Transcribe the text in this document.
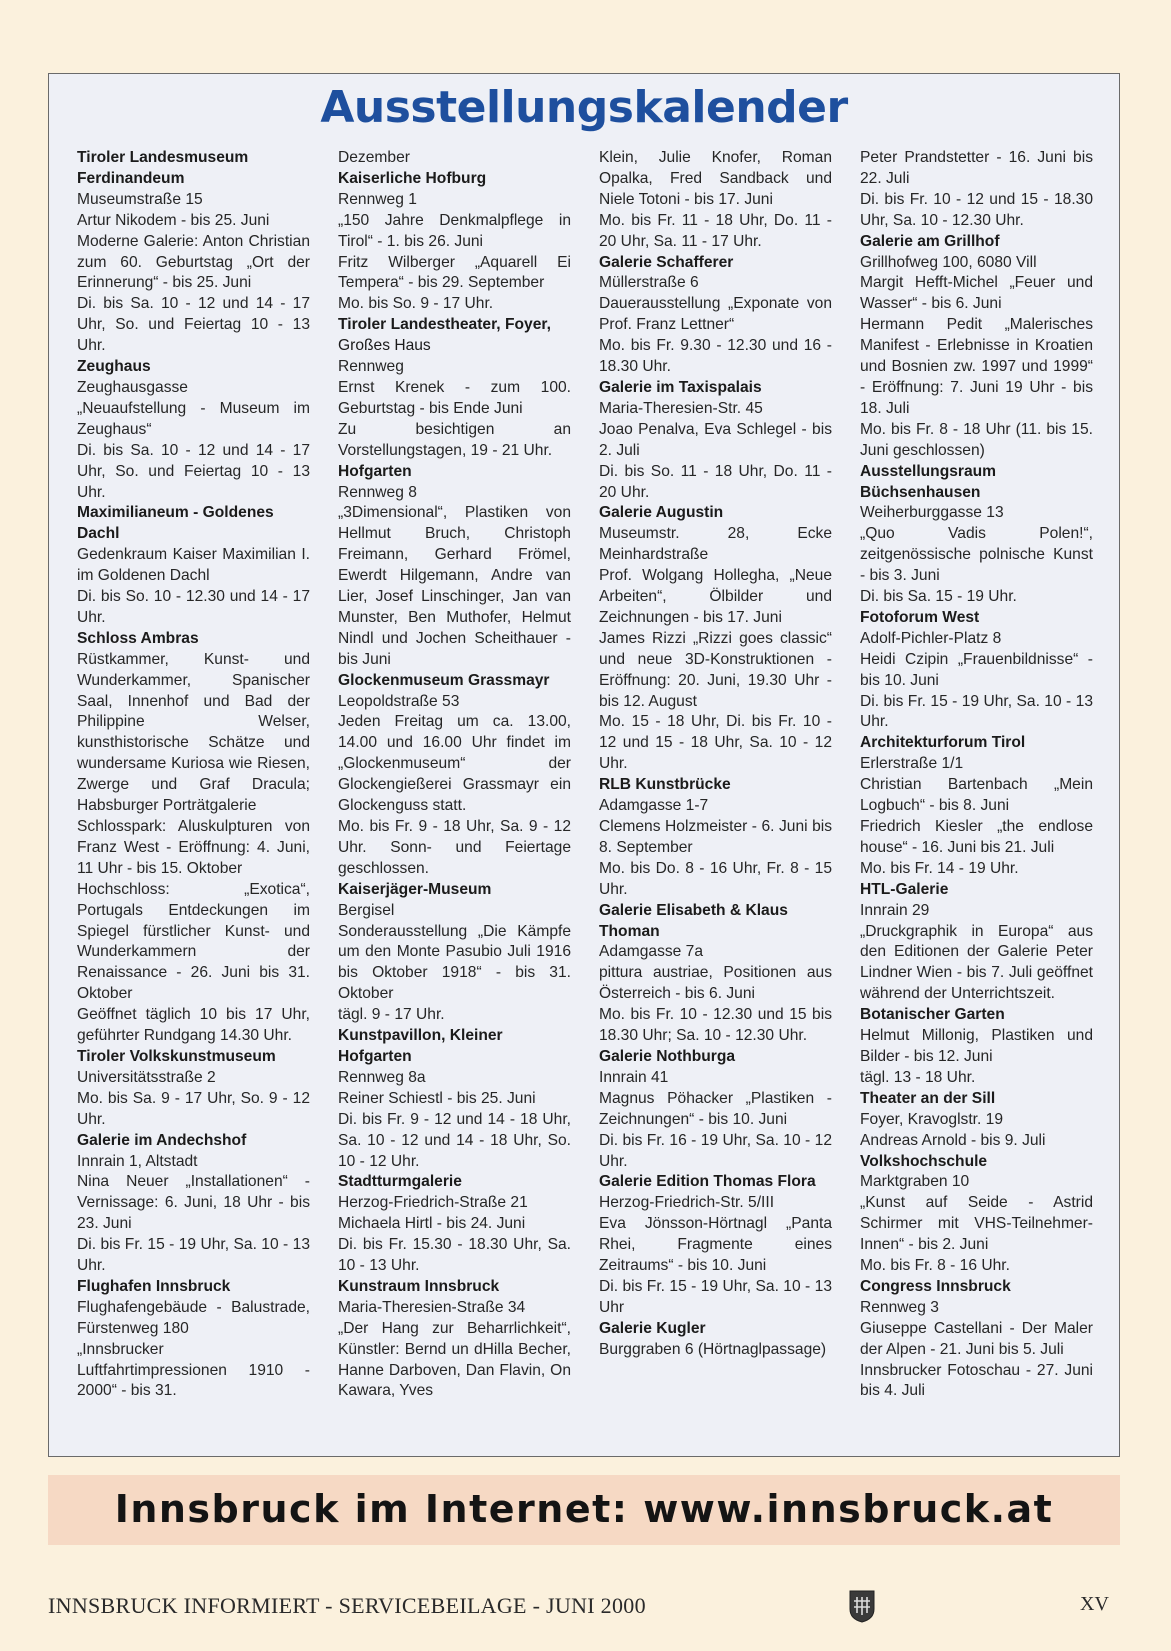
Ausstellungskalender
Tiroler Landesmuseum Ferdinandeum
Museumstraße 15
Artur Nikodem - bis 25. Juni
Moderne Galerie: Anton Christian zum 60. Geburtstag „Ort der Erinnerung“ - bis 25. Juni
Di. bis Sa. 10 - 12 und 14 - 17 Uhr, So. und Feiertag 10 - 13 Uhr.
Zeughaus
Zeughausgasse
„Neuaufstellung - Museum im Zeughaus“
Di. bis Sa. 10 - 12 und 14 - 17 Uhr, So. und Feiertag 10 - 13 Uhr.
Maximilianeum - Goldenes Dachl
Gedenkraum Kaiser Maximilian I. im Goldenen Dachl
Di. bis So. 10 - 12.30 und 14 - 17 Uhr.
Schloss Ambras
Rüstkammer, Kunst- und Wunderkammer, Spanischer Saal, Innenhof und Bad der Philippine Welser, kunsthistorische Schätze und wundersame Kuriosa wie Riesen, Zwerge und Graf Dracula; Habsburger Porträtgalerie
Schlosspark: Aluskulpturen von Franz West - Eröffnung: 4. Juni, 11 Uhr - bis 15. Oktober
Hochschloss: „Exotica“, Portugals Entdeckungen im Spiegel fürstlicher Kunst- und Wunderkammern der Renaissance - 26. Juni bis 31. Oktober
Geöffnet täglich 10 bis 17 Uhr, geführter Rundgang 14.30 Uhr.
Tiroler Volkskunstmuseum
Universitätsstraße 2
Mo. bis Sa. 9 - 17 Uhr, So. 9 - 12 Uhr.
Galerie im Andechshof
Innrain 1, Altstadt
Nina Neuer „Installationen“ - Vernissage: 6. Juni, 18 Uhr - bis 23. Juni
Di. bis Fr. 15 - 19 Uhr, Sa. 10 - 13 Uhr.
Flughafen Innsbruck
Flughafengebäude - Balustrade, Fürstenweg 180
„Innsbrucker Luftfahrtimpressionen 1910 - 2000“ - bis 31.
Dezember
Kaiserliche Hofburg
Rennweg 1
„150 Jahre Denkmalpflege in Tirol“ - 1. bis 26. Juni
Fritz Wilberger „Aquarell Ei Tempera“ - bis 29. September
Mo. bis So. 9 - 17 Uhr.
Tiroler Landestheater, Foyer, Großes Haus
Rennweg
Ernst Krenek - zum 100. Geburtstag - bis Ende Juni
Zu besichtigen an Vorstellungstagen, 19 - 21 Uhr.
Hofgarten
Rennweg 8
„3Dimensional“, Plastiken von Hellmut Bruch, Christoph Freimann, Gerhard Frömel, Ewerdt Hilgemann, Andre van Lier, Josef Linschinger, Jan van Munster, Ben Muthofer, Helmut Nindl und Jochen Scheithauer - bis Juni
Glockenmuseum Grassmayr
Leopoldstraße 53
Jeden Freitag um ca. 13.00, 14.00 und 16.00 Uhr findet im „Glockenmuseum“ der Glockengießerei Grassmayr ein Glockenguss statt.
Mo. bis Fr. 9 - 18 Uhr, Sa. 9 - 12 Uhr. Sonn- und Feiertage geschlossen.
Kaiserjäger-Museum
Bergisel
Sonderausstellung „Die Kämpfe um den Monte Pasubio Juli 1916 bis Oktober 1918“ - bis 31. Oktober
tägl. 9 - 17 Uhr.
Kunstpavillon, Kleiner Hofgarten
Rennweg 8a
Reiner Schiestl - bis 25. Juni
Di. bis Fr. 9 - 12 und 14 - 18 Uhr, Sa. 10 - 12 und 14 - 18 Uhr, So. 10 - 12 Uhr.
Stadtturmgalerie
Herzog-Friedrich-Straße 21
Michaela Hirtl - bis 24. Juni
Di. bis Fr. 15.30 - 18.30 Uhr, Sa. 10 - 13 Uhr.
Kunstraum Innsbruck
Maria-Theresien-Straße 34
„Der Hang zur Beharrlichkeit“, Künstler: Bernd un dHilla Becher, Hanne Darboven, Dan Flavin, On Kawara, Yves
Klein, Julie Knofer, Roman Opalka, Fred Sandback und Niele Totoni - bis 17. Juni
Mo. bis Fr. 11 - 18 Uhr, Do. 11 - 20 Uhr, Sa. 11 - 17 Uhr.
Galerie Schafferer
Müllerstraße 6
Dauerausstellung „Exponate von Prof. Franz Lettner“
Mo. bis Fr. 9.30 - 12.30 und 16 - 18.30 Uhr.
Galerie im Taxispalais
Maria-Theresien-Str. 45
Joao Penalva, Eva Schlegel - bis 2. Juli
Di. bis So. 11 - 18 Uhr, Do. 11 - 20 Uhr.
Galerie Augustin
Museumstr. 28, Ecke Meinhardstraße
Prof. Wolgang Hollegha, „Neue Arbeiten“, Ölbilder und Zeichnungen - bis 17. Juni
James Rizzi „Rizzi goes classic“ und neue 3D-Konstruktionen - Eröffnung: 20. Juni, 19.30 Uhr - bis 12. August
Mo. 15 - 18 Uhr, Di. bis Fr. 10 - 12 und 15 - 18 Uhr, Sa. 10 - 12 Uhr.
RLB Kunstbrücke
Adamgasse 1-7
Clemens Holzmeister - 6. Juni bis 8. September
Mo. bis Do. 8 - 16 Uhr, Fr. 8 - 15 Uhr.
Galerie Elisabeth & Klaus Thoman
Adamgasse 7a
pittura austriae, Positionen aus Österreich - bis 6. Juni
Mo. bis Fr. 10 - 12.30 und 15 bis 18.30 Uhr; Sa. 10 - 12.30 Uhr.
Galerie Nothburga
Innrain 41
Magnus Pöhacker „Plastiken - Zeichnungen“ - bis 10. Juni
Di. bis Fr. 16 - 19 Uhr, Sa. 10 - 12 Uhr.
Galerie Edition Thomas Flora
Herzog-Friedrich-Str. 5/III
Eva Jönsson-Hörtnagl „Panta Rhei, Fragmente eines Zeitraums“ - bis 10. Juni
Di. bis Fr. 15 - 19 Uhr, Sa. 10 - 13 Uhr
Galerie Kugler
Burggraben 6 (Hörtnaglpassage)
Peter Prandstetter - 16. Juni bis 22. Juli
Di. bis Fr. 10 - 12 und 15 - 18.30 Uhr, Sa. 10 - 12.30 Uhr.
Galerie am Grillhof
Grillhofweg 100, 6080 Vill
Margit Hefft-Michel „Feuer und Wasser“ - bis 6. Juni
Hermann Pedit „Malerisches Manifest - Erlebnisse in Kroatien und Bosnien zw. 1997 und 1999“ - Eröffnung: 7. Juni 19 Uhr - bis 18. Juli
Mo. bis Fr. 8 - 18 Uhr (11. bis 15. Juni geschlossen)
Ausstellungsraum Büchsenhausen
Weiherburggasse 13
„Quo Vadis Polen!“, zeitgenössische polnische Kunst - bis 3. Juni
Di. bis Sa. 15 - 19 Uhr.
Fotoforum West
Adolf-Pichler-Platz 8
Heidi Czipin „Frauenbildnisse“ - bis 10. Juni
Di. bis Fr. 15 - 19 Uhr, Sa. 10 - 13 Uhr.
Architekturforum Tirol
Erlerstraße 1/1
Christian Bartenbach „Mein Logbuch“ - bis 8. Juni
Friedrich Kiesler „the endlose house“ - 16. Juni bis 21. Juli
Mo. bis Fr. 14 - 19 Uhr.
HTL-Galerie
Innrain 29
„Druckgraphik in Europa“ aus den Editionen der Galerie Peter Lindner Wien - bis 7. Juli geöffnet während der Unterrichtszeit.
Botanischer Garten
Helmut Millonig, Plastiken und Bilder - bis 12. Juni
tägl. 13 - 18 Uhr.
Theater an der Sill
Foyer, Kravoglstr. 19
Andreas Arnold - bis 9. Juli
Volkshochschule
Marktgraben 10
„Kunst auf Seide - Astrid Schirmer mit VHS-Teilnehmer-Innen“ - bis 2. Juni
Mo. bis Fr. 8 - 16 Uhr.
Congress Innsbruck
Rennweg 3
Giuseppe Castellani - Der Maler der Alpen - 21. Juni bis 5. Juli
Innsbrucker Fotoschau - 27. Juni bis 4. Juli
Innsbruck im Internet: www.innsbruck.at
INNSBRUCK INFORMIERT - SERVICEBEILAGE - JUNI 2000	XV
